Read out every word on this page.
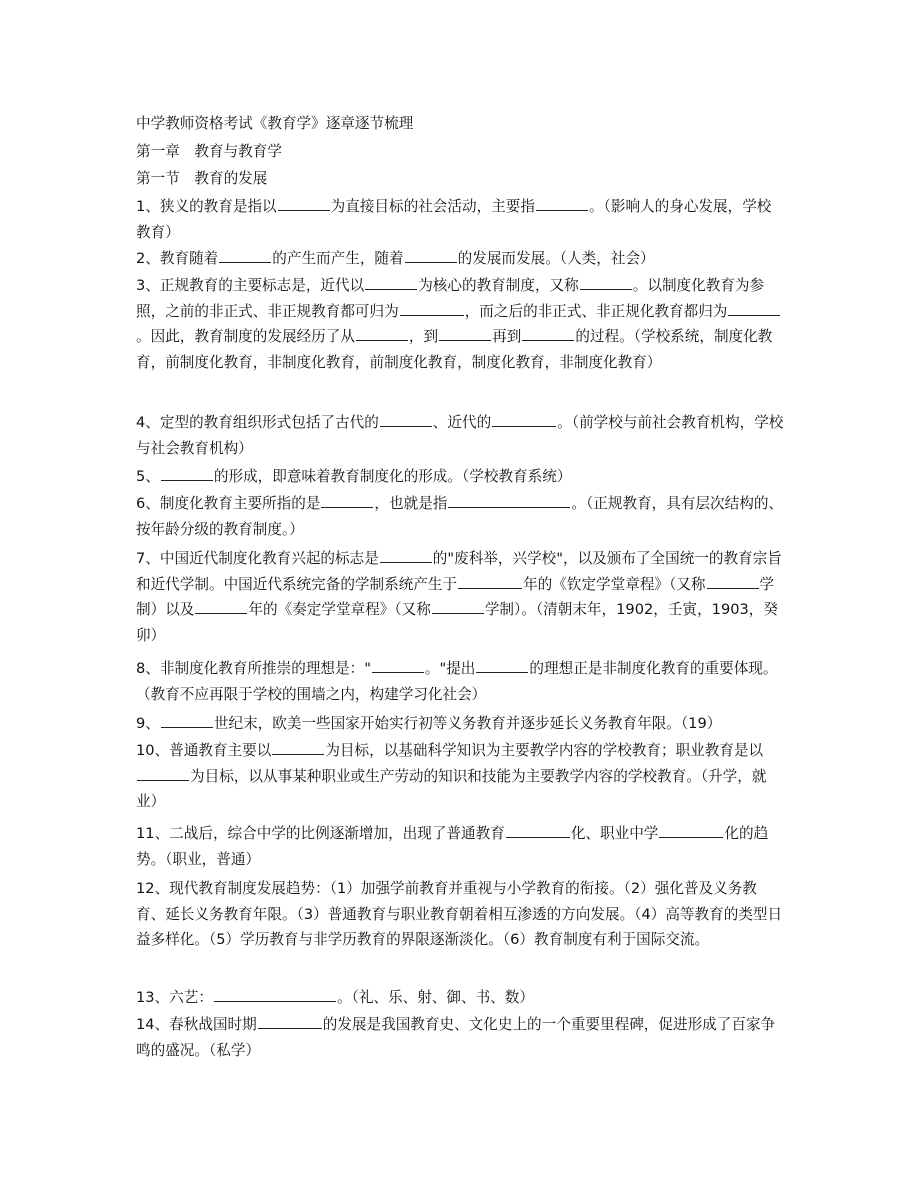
中学教师资格考试《教育学》逐章逐节梳理
第一章　教育与教育学
第一节　教育的发展
1、狭义的教育是指以	为直接目标的社会活动，主要指	。（影响人的身心发展，学校教育）
2、教育随着	的产生而产生，随着	的发展而发展。（人类，社会）
3、正规教育的主要标志是，近代以	为核心的教育制度，又称	。以制度化教育为参照，之前的非正式、非正规教育都可归为	，而之后的非正式、非正规化教育都归为。因此，教育制度的发展经历了从	，到	再到	的过程。（学校系统，制度化教育，前制度化教育，非制度化教育，前制度化教育，制度化教育，非制度化教育）
4、定型的教育组织形式包括了古代的	、近代的	。（前学校与前社会教育机构，学校与社会教育机构）
5、	的形成，即意味着教育制度化的形成。（学校教育系统）
6、制度化教育主要所指的是	，也就是指	。（正规教育，具有层次结构的、按年龄分级的教育制度。）
7、中国近代制度化教育兴起的标志是	的"废科举，兴学校"，以及颁布了全国统一的教育宗旨和近代学制。中国近代系统完备的学制系统产生于	年的《钦定学堂章程》（又称	学制）以及	年的《奏定学堂章程》（又称	学制）。（清朝末年，1902，壬寅，1903，癸卯）
8、非制度化教育所推崇的理想是："	。"提出	的理想正是非制度化教育的重要体现。（教育不应再限于学校的围墙之内，构建学习化社会）
9、	世纪末，欧美一些国家开始实行初等义务教育并逐步延长义务教育年限。（19）
10、普通教育主要以	为目标，以基础科学知识为主要教学内容的学校教育；职业教育是以为目标，以从事某种职业或生产劳动的知识和技能为主要教学内容的学校教育。（升学，就业）
11、二战后，综合中学的比例逐渐增加，出现了普通教育	化、职业中学	化的趋势。（职业，普通）
12、现代教育制度发展趋势：（1）加强学前教育并重视与小学教育的衔接。（2）强化普及义务教育、延长义务教育年限。（3）普通教育与职业教育朝着相互渗透的方向发展。（4）高等教育的类型日益多样化。（5）学历教育与非学历教育的界限逐渐淡化。（6）教育制度有利于国际交流。
13、六艺：	。（礼、乐、射、御、书、数）
14、春秋战国时期	的发展是我国教育史、文化史上的一个重要里程碑，促进形成了百家争鸣的盛况。（私学）
